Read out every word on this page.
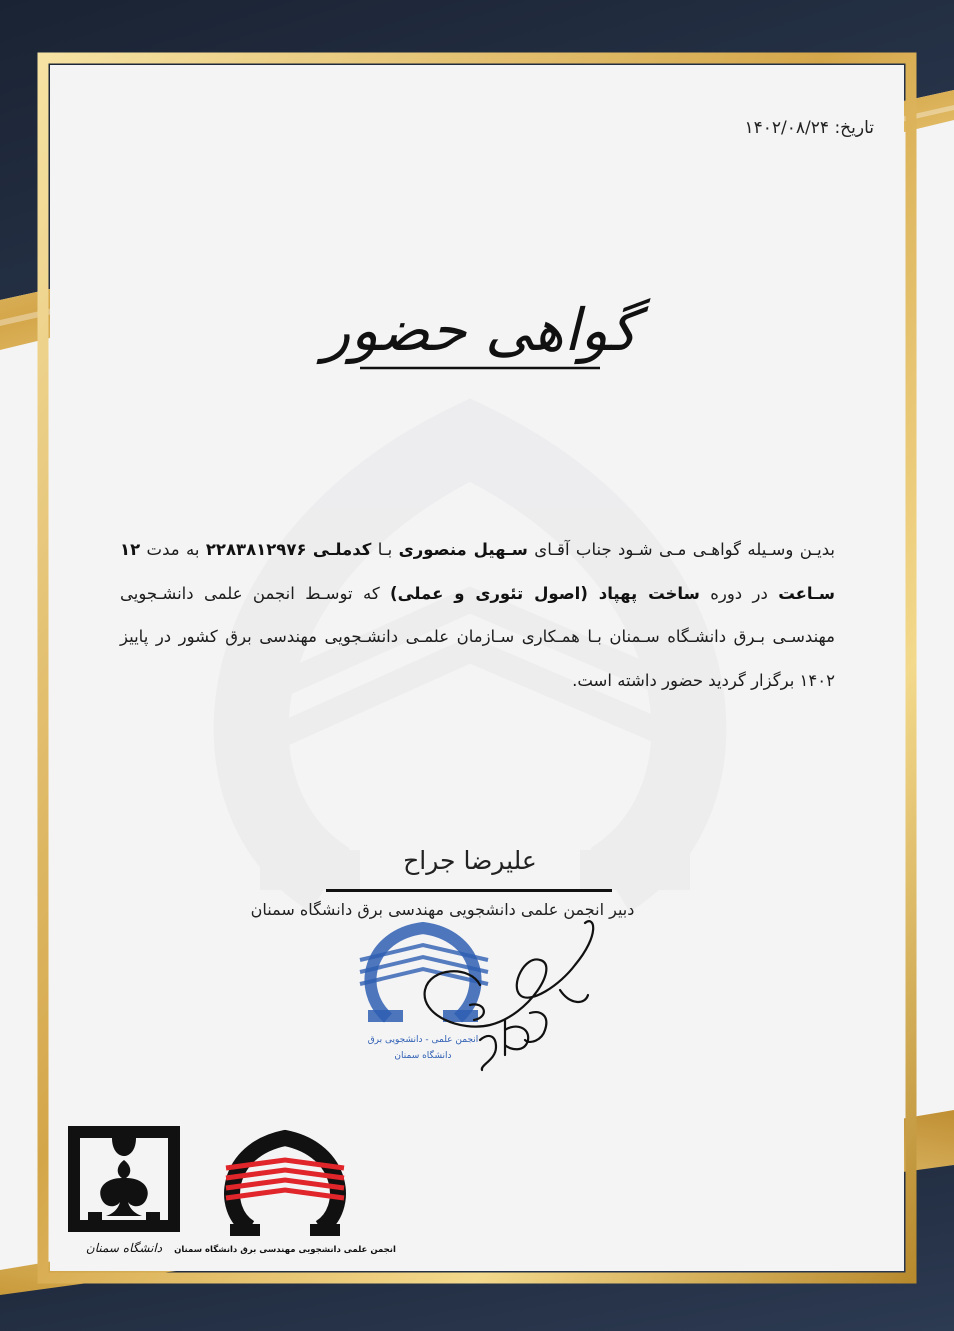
تاریخ: ۱۴۰۲/۰۸/۲۴
گواهی حضور
بدیـن وسـیله گواهـی مـی شـود جناب آقـای سـهیل منصوری بـا کدملـی ۲۲۸۳۸۱۲۹۷۶ به مدت ۱۲ سـاعت در دوره ساخت پهپاد (اصول تئوری و عملی) که توسـط انجمن علمی دانشـجویی مهندسـی بـرق دانشـگاه سـمنان بـا همـکاری سـازمان علمـی دانشـجویی مهندسی برق کشور در پاییز ۱۴۰۲ برگزار گردید حضور داشته است.
علیرضا جراح
دبیر انجمن علمی دانشجویی مهندسی برق دانشگاه سمنان
انجمن علمی - دانشجویی برق
دانشگاه سمنان
دانشگاه سمنان انجمن علمی دانشجویی مهندسی برق دانشگاه سمنان
